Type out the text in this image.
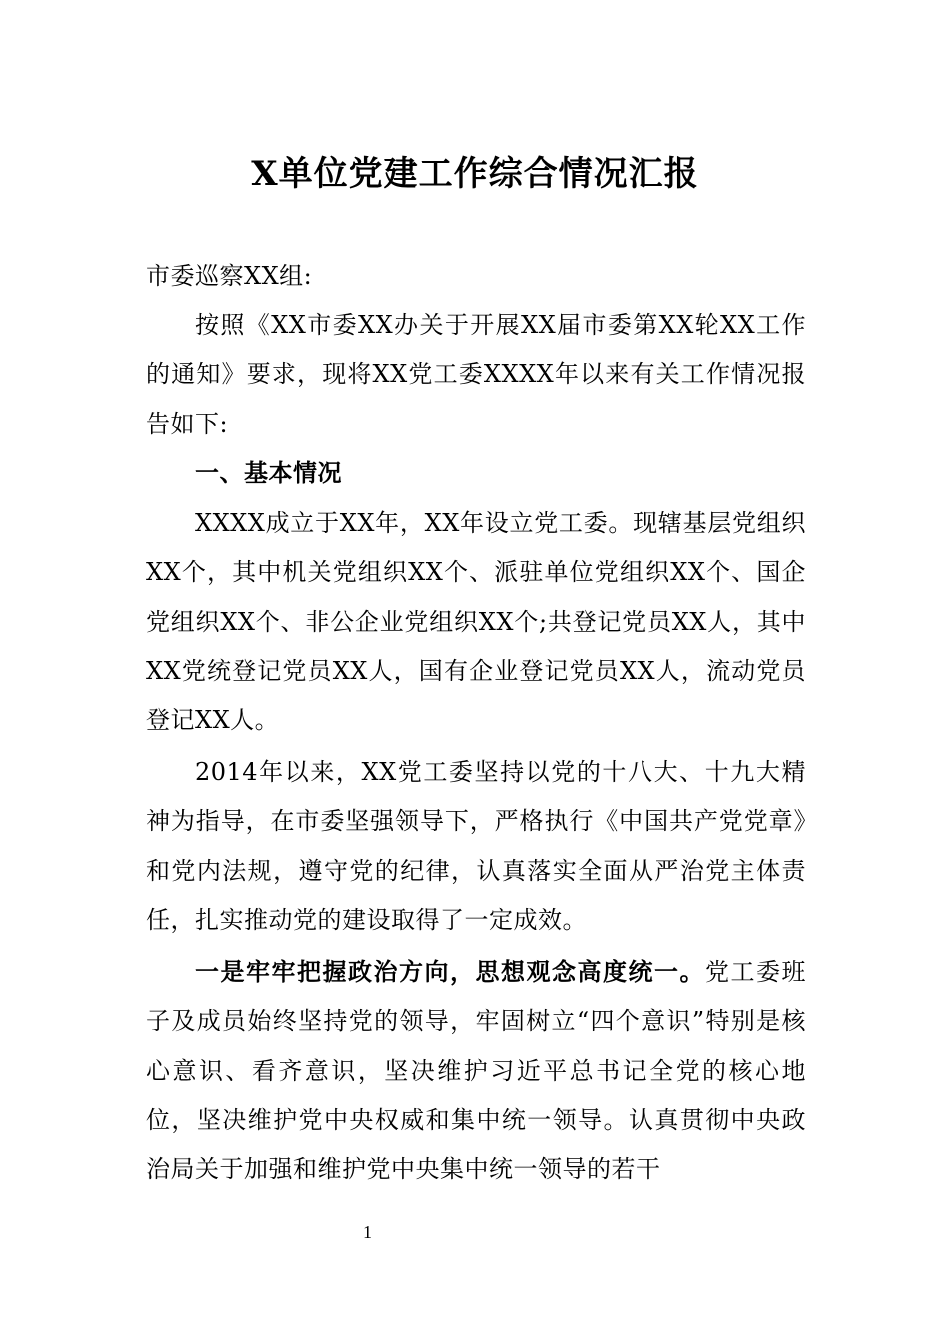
X单位党建工作综合情况汇报
市委巡察XX组:
按照《XX市委XX办关于开展XX届市委第XX轮XX工作的通知》要求，现将XX党工委XXXX年以来有关工作情况报告如下:
一、基本情况
XXXX成立于XX年，XX年设立党工委。现辖基层党组织XX个，其中机关党组织XX个、派驻单位党组织XX个、国企党组织XX个、非公企业党组织XX个;共登记党员XX人，其中XX党统登记党员XX人，国有企业登记党员XX人，流动党员登记XX人。
2014年以来，XX党工委坚持以党的十八大、十九大精神为指导，在市委坚强领导下，严格执行《中国共产党党章》和党内法规，遵守党的纪律，认真落实全面从严治党主体责任，扎实推动党的建设取得了一定成效。
一是牢牢把握政治方向，思想观念高度统一。党工委班子及成员始终坚持党的领导，牢固树立“四个意识”特别是核心意识、看齐意识，坚决维护习近平总书记全党的核心地位，坚决维护党中央权威和集中统一领导。认真贯彻中央政治局关于加强和维护党中央集中统一领导的若干
1
